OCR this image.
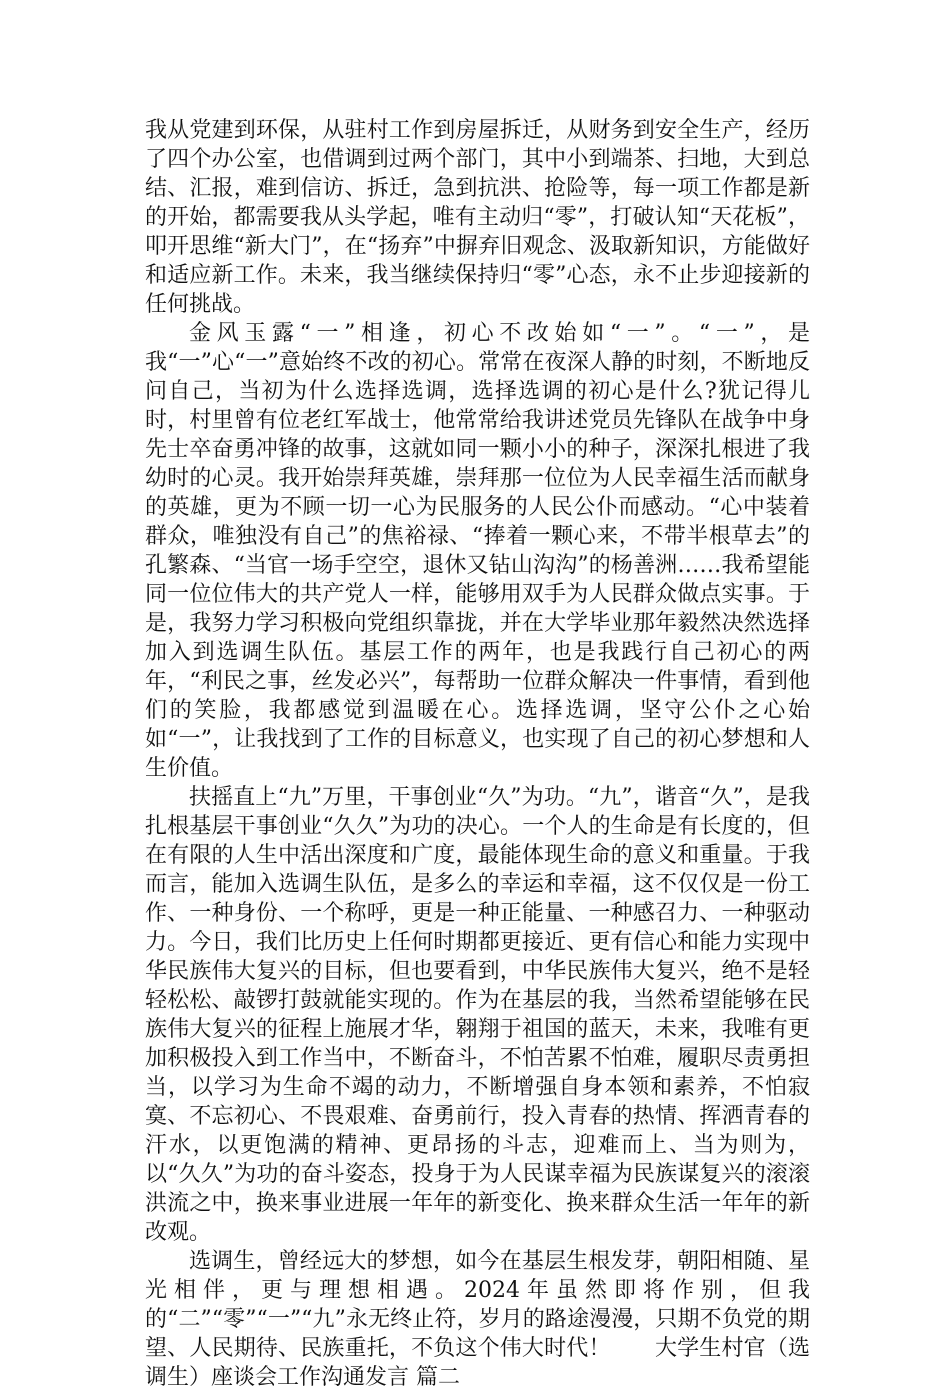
我从党建到环保，从驻村工作到房屋拆迁，从财务到安全生产，经历了四个办公室，也借调到过两个部门，其中小到端茶、扫地，大到总结、汇报，难到信访、拆迁，急到抗洪、抢险等，每一项工作都是新的开始，都需要我从头学起，唯有主动归“零”，打破认知“天花板”，叩开思维“新大门”，在“扬弃”中摒弃旧观念、汲取新知识，方能做好和适应新工作。未来，我当继续保持归“零”心态，永不止步迎接新的任何挑战。

金风玉露“一”相逢，初心不改始如“一”。“一”，是我“一”心“一”意始终不改的初心。常常在夜深人静的时刻，不断地反问自己，当初为什么选择选调，选择选调的初心是什么?犹记得儿时，村里曾有位老红军战士，他常常给我讲述党员先锋队在战争中身先士卒奋勇冲锋的故事，这就如同一颗小小的种子，深深扎根进了我幼时的心灵。我开始崇拜英雄，崇拜那一位位为人民幸福生活而献身的英雄，更为不顾一切一心为民服务的人民公仆而感动。“心中装着群众，唯独没有自己”的焦裕禄、“捧着一颗心来，不带半根草去”的孔繁森、“当官一场手空空，退休又钻山沟沟”的杨善洲……我希望能同一位位伟大的共产党人一样，能够用双手为人民群众做点实事。于是，我努力学习积极向党组织靠拢，并在大学毕业那年毅然决然选择加入到选调生队伍。基层工作的两年，也是我践行自己初心的两年，“利民之事，丝发必兴”，每帮助一位群众解决一件事情，看到他们的笑脸，我都感觉到温暖在心。选择选调，坚守公仆之心始如“一”，让我找到了工作的目标意义，也实现了自己的初心梦想和人生价值。

扶摇直上“九”万里，干事创业“久”为功。“九”，谐音“久”，是我扎根基层干事创业“久久”为功的决心。一个人的生命是有长度的，但在有限的人生中活出深度和广度，最能体现生命的意义和重量。于我而言，能加入选调生队伍，是多么的幸运和幸福，这不仅仅是一份工作、一种身份、一个称呼，更是一种正能量、一种感召力、一种驱动力。今日，我们比历史上任何时期都更接近、更有信心和能力实现中华民族伟大复兴的目标，但也要看到，中华民族伟大复兴，绝不是轻轻松松、敲锣打鼓就能实现的。作为在基层的我，当然希望能够在民族伟大复兴的征程上施展才华，翱翔于祖国的蓝天，未来，我唯有更加积极投入到工作当中，不断奋斗，不怕苦累不怕难，履职尽责勇担当，以学习为生命不竭的动力，不断增强自身本领和素养，不怕寂寞、不忘初心、不畏艰难、奋勇前行，投入青春的热情、挥洒青春的汗水，以更饱满的精神、更昂扬的斗志，迎难而上、当为则为，以“久久”为功的奋斗姿态，投身于为人民谋幸福为民族谋复兴的滚滚洪流之中，换来事业进展一年年的新变化、换来群众生活一年年的新改观。

选调生，曾经远大的梦想，如今在基层生根发芽，朝阳相随、星光相伴，更与理想相遇。2024年虽然即将作别，但我的“二”“零”“一”“九”永无终止符，岁月的路途漫漫，只期不负党的期望、人民期待、民族重托，不负这个伟大时代！　　大学生村官（选调生）座谈会工作沟通发言 篇二
